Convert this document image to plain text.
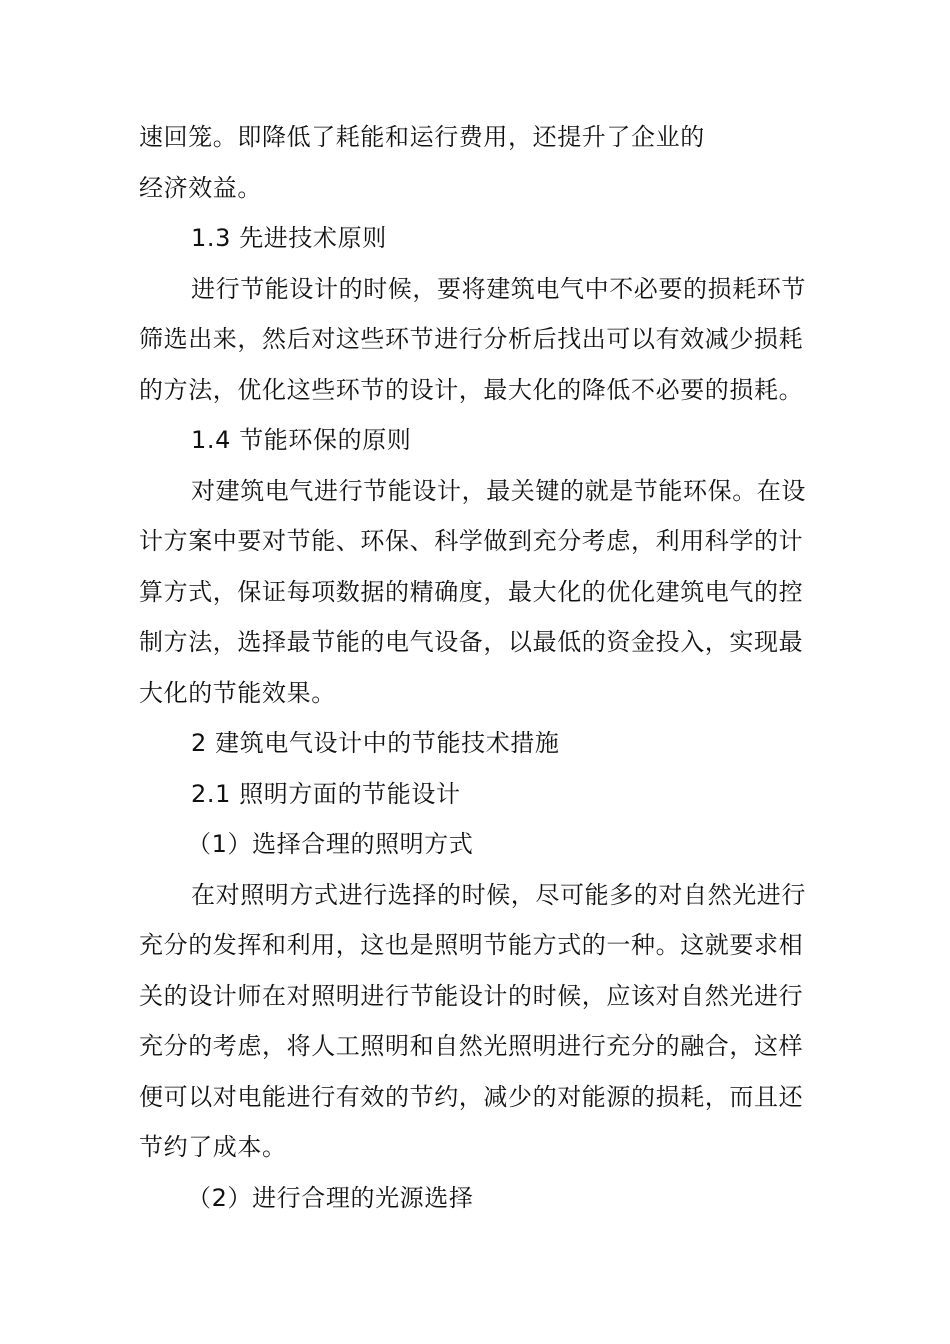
速回笼。即降低了耗能和运行费用，还提升了企业的
经济效益。
1.3 先进技术原则
进行节能设计的时候，要将建筑电气中不必要的损耗环节
筛选出来，然后对这些环节进行分析后找出可以有效减少损耗
的方法，优化这些环节的设计，最大化的降低不必要的损耗。
1.4 节能环保的原则
对建筑电气进行节能设计，最关键的就是节能环保。在设
计方案中要对节能、环保、科学做到充分考虑，利用科学的计
算方式，保证每项数据的精确度，最大化的优化建筑电气的控
制方法，选择最节能的电气设备，以最低的资金投入，实现最
大化的节能效果。
2 建筑电气设计中的节能技术措施
2.1 照明方面的节能设计
（1）选择合理的照明方式
在对照明方式进行选择的时候，尽可能多的对自然光进行
充分的发挥和利用，这也是照明节能方式的一种。这就要求相
关的设计师在对照明进行节能设计的时候，应该对自然光进行
充分的考虑，将人工照明和自然光照明进行充分的融合，这样
便可以对电能进行有效的节约，减少的对能源的损耗，而且还
节约了成本。
（2）进行合理的光源选择
